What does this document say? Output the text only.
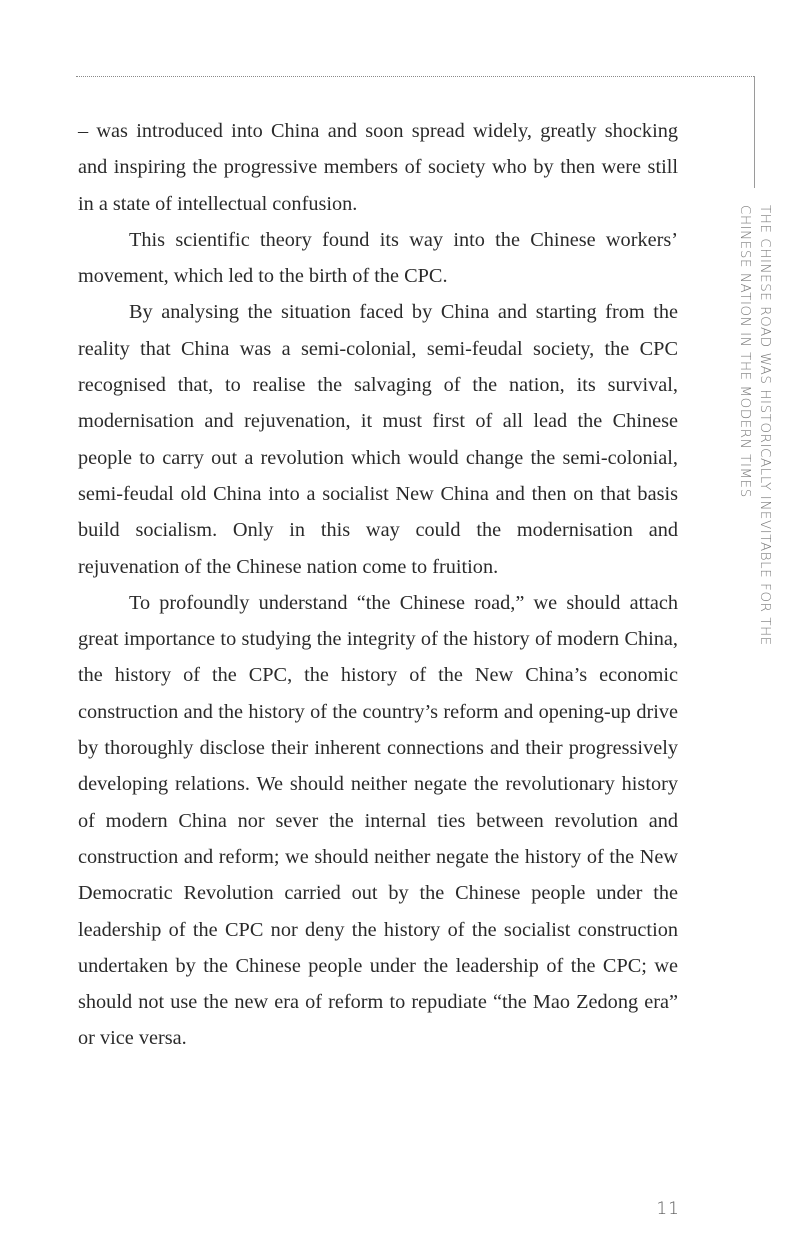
THE CHINESE ROAD WAS HISTORICALLY INEVITABLE FOR THE
CHINESE NATION IN THE MODERN TIMES

– was introduced into China and soon spread widely, greatly shocking and inspiring the progressive members of society who by then were still in a state of intellectual confusion.

This scientific theory found its way into the Chinese workers’ movement, which led to the birth of the CPC.

By analysing the situation faced by China and starting from the reality that China was a semi-colonial, semi-feudal society, the CPC recognised that, to realise the salvaging of the nation, its survival, modernisation and rejuvenation, it must first of all lead the Chinese people to carry out a revolution which would change the semi-colonial, semi-feudal old China into a socialist New China and then on that basis build socialism. Only in this way could the modernisation and rejuvenation of the Chinese nation come to fruition.

To profoundly understand “the Chinese road,” we should attach great importance to studying the integrity of the history of modern China, the history of the CPC, the history of the New China’s economic construction and the history of the country’s reform and opening-up drive by thoroughly disclose their inherent connections and their progressively developing relations. We should neither negate the revolutionary history of modern China nor sever the internal ties between revolution and construction and reform; we should neither negate the history of the New Democratic Revolution carried out by the Chinese people under the leadership of the CPC nor deny the history of the socialist construction undertaken by the Chinese people under the leadership of the CPC; we should not use the new era of reform to repudiate “the Mao Zedong era” or vice versa.

11
